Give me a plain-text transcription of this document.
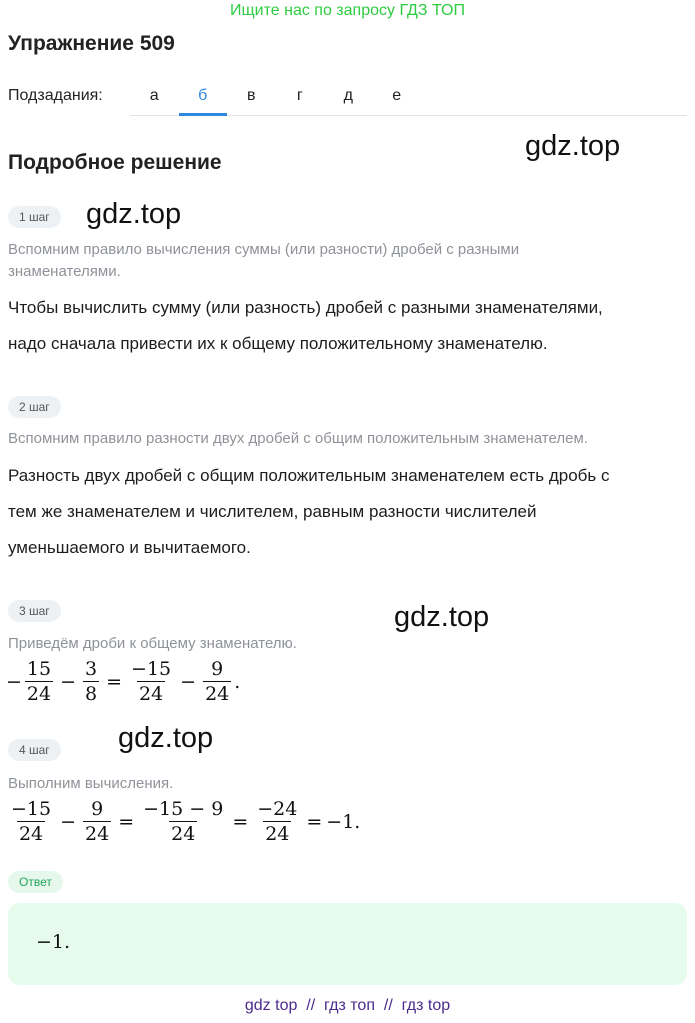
Ищите нас по запросу ГДЗ ТОП
Упражнение 509
Подзадания:	а	б	в	г	д	е
Подробное решение
gdz.top
1 шаг	gdz.top
Вспомним правило вычисления суммы (или разности) дробей с разными
знаменателями.
Чтобы вычислить сумму (или разность) дробей с разными знаменателями,
надо сначала привести их к общему положительному знаменателю.
2 шаг
Вспомним правило разности двух дробей с общим положительным знаменателем.
Разность двух дробей с общим положительным знаменателем есть дробь с
тем же знаменателем и числителем, равным разности числителей
уменьшаемого и вычитаемого.
3 шаг	gdz.top
Приведём дроби к общему знаменателю.
− $\frac{15}{24} - \frac{3}{8} = \frac{-15}{24} - \frac{9}{24}$ .
4 шаг	gdz.top
Выполним вычисления.
$\frac{-15}{24} - \frac{9}{24} = \frac{-15 - 9}{24} = \frac{-24}{24} = -1$.
Ответ
−1.
gdz top  //  гдз топ  //  гдз top
